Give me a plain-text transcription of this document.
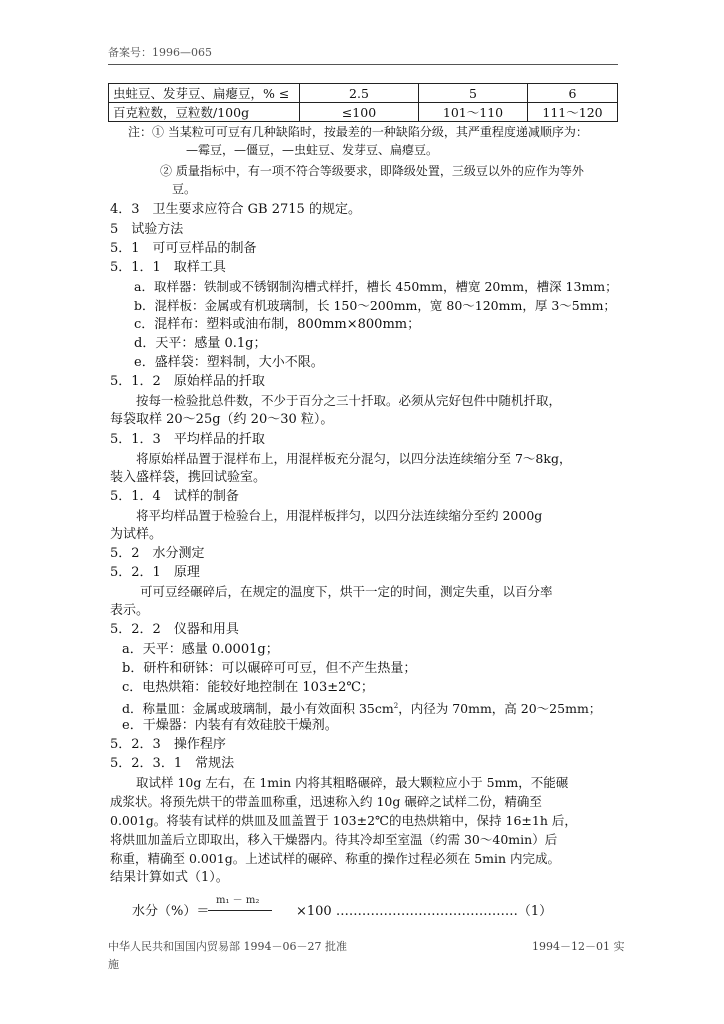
备案号：1996—065
虫蛀豆、发芽豆、扁瘪豆，% ≤	2.5	5	6
百克粒数，豆粒数/100g	≤100	101～110	111～120
注：① 当某粒可可豆有几种缺陷时，按最差的一种缺陷分级，其严重程度递减顺序为：
—霉豆，—僵豆，—虫蛀豆、发芽豆、扁瘪豆。
② 质量指标中，有一项不符合等级要求，即降级处置，三级豆以外的应作为等外
豆。
4．3　卫生要求应符合 GB 2715 的规定。
5　试验方法
5．1　可可豆样品的制备
5．1．1　取样工具
a．取样器：铁制或不锈钢制沟槽式样扦，槽长 450mm，槽宽 20mm，槽深 13mm；
b．混样板：金属或有机玻璃制，长 150～200mm，宽 80～120mm，厚 3～5mm；
c．混样布：塑料或油布制，800mm×800mm；
d．天平：感量 0.1g；
e．盛样袋：塑料制，大小不限。
5．1．2　原始样品的扦取
按每一检验批总件数，不少于百分之三十扦取。必须从完好包件中随机扦取，
每袋取样 20～25g（约 20～30 粒）。
5．1．3　平均样品的扦取
将原始样品置于混样布上，用混样板充分混匀，以四分法连续缩分至 7～8kg，
装入盛样袋，携回试验室。
5．1．4　试样的制备
将平均样品置于检验台上，用混样板拌匀，以四分法连续缩分至约 2000g
为试样。
5．2　水分测定
5．2．1　原理
可可豆经碾碎后，在规定的温度下，烘干一定的时间，测定失重，以百分率
表示。
5．2．2　仪器和用具
a．天平：感量 0.0001g；
b．研杵和研钵：可以碾碎可可豆，但不产生热量；
c．电热烘箱：能较好地控制在 103±2℃；
d．称量皿：金属或玻璃制，最小有效面积 $35cm^2$，内径为 70mm，高 20～25mm；
e．干燥器：内装有有效硅胶干燥剂。
5．2．3　操作程序
5．2．3．1　常规法
取试样 10g 左右，在 1min 内将其粗略碾碎，最大颗粒应小于 5mm，不能碾
成浆状。将预先烘干的带盖皿称重，迅速称入约 10g 碾碎之试样二份，精确至
0.001g。将装有试样的烘皿及皿盖置于 103±2℃的电热烘箱中，保持 16±1h 后，
将烘皿加盖后立即取出，移入干燥器内。待其冷却至室温（约需 30～40min）后
称重，精确至 0.001g。上述试样的碾碎、称重的操作过程必须在 5min 内完成。
结果计算如式（1）。
m₁ － m₂
水分（%）＝	×100 ……………………………………（1）
中华人民共和国国内贸易部 1994－06－27 批准
施
1994－12－01 实
